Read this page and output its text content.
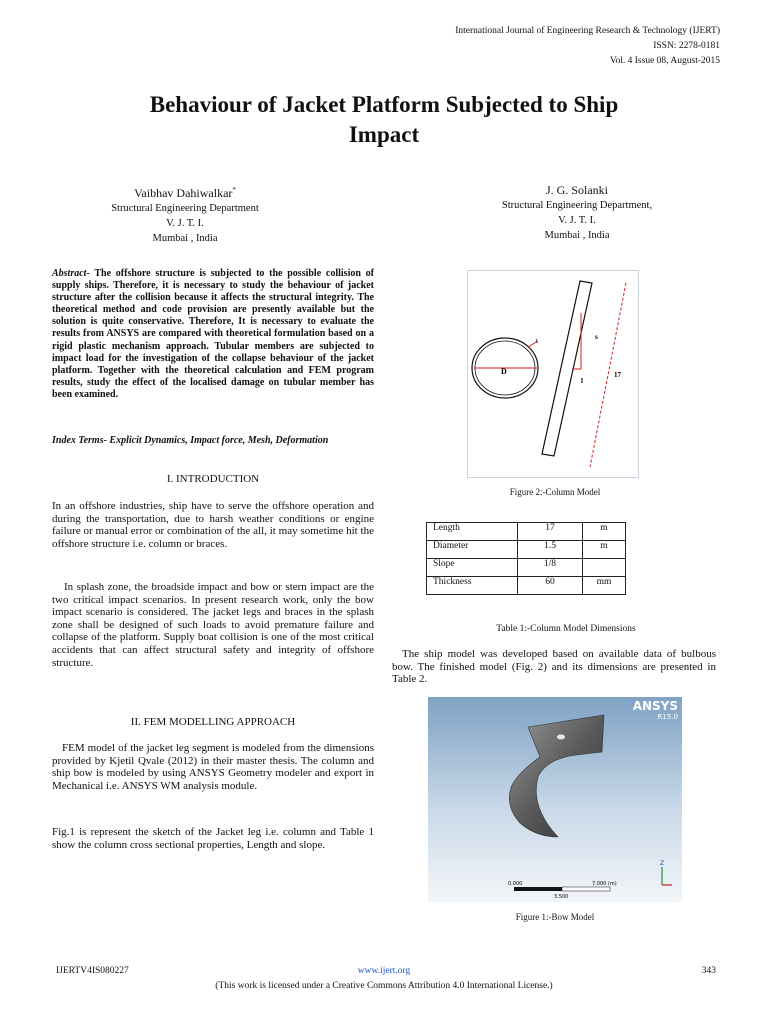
International Journal of Engineering Research & Technology (IJERT)
ISSN: 2278-0181
Vol. 4 Issue 08, August-2015
Behaviour of Jacket Platform Subjected to Ship
Impact
Vaibhav Dahiwalkar*
Structural Engineering Department
V. J. T. I.
Mumbai , India
J. G. Solanki
Structural Engineering Department,
V. J. T. I.
Mumbai , India
Abstract- The offshore structure is subjected to the possible collision of supply ships. Therefore, it is necessary to study the behaviour of jacket structure after the collision because it affects the structural integrity. The theoretical method and code provision are presently available but the solution is quite conservative. Therefore, It is necessary to evaluate the results from ANSYS are compared with theoretical formulation based on a rigid plastic mechanism approach. Tubular members are subjected to impact load for the investigation of the collapse behaviour of the jacket platform. Together with the theoretical calculation and FEM program results, study the effect of the localised damage on tubular member has been examined.
Index Terms- Explicit Dynamics, Impact force, Mesh, Deformation
I. INTRODUCTION
In an offshore industries, ship have to serve the offshore operation and during the transportation, due to harsh weather conditions or engine failure or manual error or combination of the all, it may sometime hit the offshore structure i.e. column or braces.
In splash zone, the broadside impact and bow or stern impact are the two critical impact scenarios. In present research work, only the bow impact scenario is considered. The jacket legs and braces in the splash zone shall be designed of such loads to avoid premature failure and collapse of the platform. Supply boat collision is one of the most critical accidents that can affect structural safety and integrity of offshore structure.
II. FEM MODELLING APPROACH
FEM model of the jacket leg segment is modeled from the dimensions provided by Kjetil Qvale (2012) in their master thesis. The column and ship bow is modeled by using ANSYS Geometry modeler and export in Mechanical i.e. ANSYS WM analysis module.
Fig.1 is represent the sketch of the Jacket leg i.e. column and Table 1 show the column cross sectional properties, Length and slope.
t
D
s
l
17
Figure 2:-Column Model
Length	17	m
Diameter	1.5	m
Slope	1/8	
Thickness	60	mm
Table 1:-Column Model Dimensions
The ship model was developed based on available data of bulbous bow. The finished model (Fig. 2) and its dimensions are presented in Table 2.
ANSYS
R15.0
0.000	7.000 (m)
3.500
Z
Figure 1:-Bow Model
IJERTV4IS080227	www.ijert.org	343
(This work is licensed under a Creative Commons Attribution 4.0 International License.)
